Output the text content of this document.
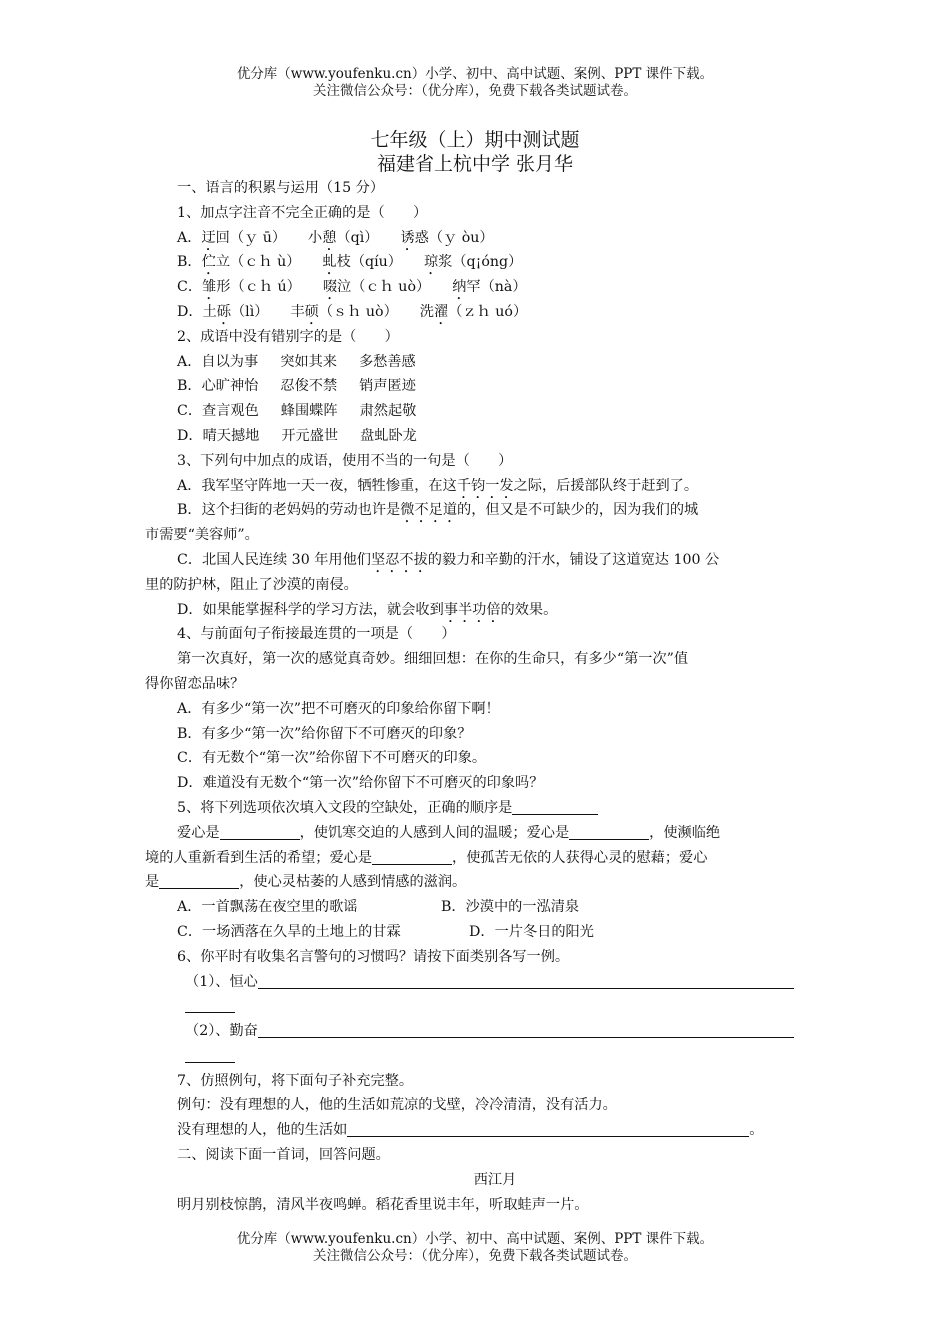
优分库（www.youfenku.cn）小学、初中、高中试题、案例、PPT 课件下载。
关注微信公众号：（优分库），免费下载各类试题试卷。
七年级（上）期中测试题
福建省上杭中学 张月华
一、语言的积累与运用（15 分）
1、加点字注音不完全正确的是（　　）
A．迂回（ｙ ū） 小憩（qì） 诱惑（ｙ òu）
B．伫立（ｃｈ ù） 虬枝（qíu） 琼浆（q¡óng）
C．雏形（ｃｈ ú） 啜泣（ｃｈ uò） 纳罕（nà）
D．土砾（lì） 丰硕（ｓｈ uò） 洗濯（ｚｈ uó）
2、成语中没有错别字的是（　　）
A．自以为事 突如其来 多愁善感
B．心旷神怡 忍俊不禁 销声匿迹
C．查言观色 蜂围蝶阵 肃然起敬
D．晴天撼地 开元盛世 盘虬卧龙
3、下列句中加点的成语，使用不当的一句是（　　）
A．我军坚守阵地一天一夜，牺牲惨重，在这千钧一发之际，后援部队终于赶到了。
B．这个扫街的老妈妈的劳动也许是微不足道的，但又是不可缺少的，因为我们的城
市需要“美容师”。
C．北国人民连续 30 年用他们坚忍不拔的毅力和辛勤的汗水，铺设了这道宽达 100 公
里的防护林，阻止了沙漠的南侵。
D．如果能掌握科学的学习方法，就会收到事半功倍的效果。
4、与前面句子衔接最连贯的一项是（　　）
第一次真好，第一次的感觉真奇妙。细细回想：在你的生命只，有多少“第一次”值
得你留恋品味？
A．有多少“第一次”把不可磨灭的印象给你留下啊！
B．有多少“第一次”给你留下不可磨灭的印象？
C．有无数个“第一次”给你留下不可磨灭的印象。
D．难道没有无数个“第一次”给你留下不可磨灭的印象吗？
5、将下列选项依次填入文段的空缺处，正确的顺序是
爱心是	，使饥寒交迫的人感到人间的温暖；爱心是	，使濒临绝
境的人重新看到生活的希望；爱心是	，使孤苦无依的人获得心灵的慰藉；爱心
是	，使心灵枯萎的人感到情感的滋润。
A．一首飘荡在夜空里的歌谣	B．沙漠中的一泓清泉
C．一场洒落在久旱的土地上的甘霖	D．一片冬日的阳光
6、你平时有收集名言警句的习惯吗？请按下面类别各写一例。
（1）、恒心
（2）、勤奋
7、仿照例句，将下面句子补充完整。
例句：没有理想的人，他的生活如荒凉的戈壁，冷冷清清，没有活力。
没有理想的人，他的生活如	。
二、阅读下面一首词，回答问题。
西江月
明月别枝惊鹊，清风半夜鸣蝉。稻花香里说丰年，听取蛙声一片。
优分库（www.youfenku.cn）小学、初中、高中试题、案例、PPT 课件下载。
关注微信公众号：（优分库），免费下载各类试题试卷。
